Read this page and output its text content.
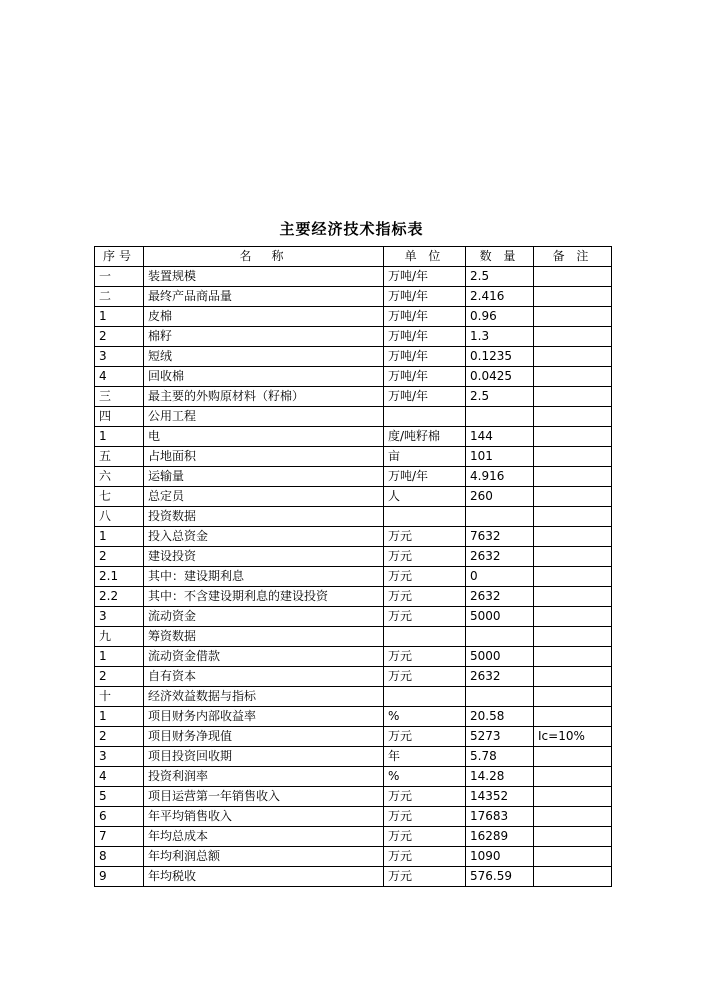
主要经济技术指标表
序号	名　称	单 位	数 量	备 注
一	装置规模	万吨/年	2.5	
二	最终产品商品量	万吨/年	2.416	
1	皮棉	万吨/年	0.96	
2	棉籽	万吨/年	1.3	
3	短绒	万吨/年	0.1235	
4	回收棉	万吨/年	0.0425	
三	最主要的外购原材料（籽棉）	万吨/年	2.5	
四	公用工程			
1	电	度/吨籽棉	144	
五	占地面积	亩	101	
六	运输量	万吨/年	4.916	
七	总定员	人	260	
八	投资数据			
1	投入总资金	万元	7632	
2	建设投资	万元	2632	
2.1	其中：建设期利息	万元	0	
2.2	其中：不含建设期利息的建设投资	万元	2632	
3	流动资金	万元	5000	
九	筹资数据			
1	流动资金借款	万元	5000	
2	自有资本	万元	2632	
十	经济效益数据与指标			
1	项目财务内部收益率	%	20.58	
2	项目财务净现值	万元	5273	Ic=10%
3	项目投资回收期	年	5.78	
4	投资利润率	%	14.28	
5	项目运营第一年销售收入	万元	14352	
6	年平均销售收入	万元	17683	
7	年均总成本	万元	16289	
8	年均利润总额	万元	1090	
9	年均税收	万元	576.59	
